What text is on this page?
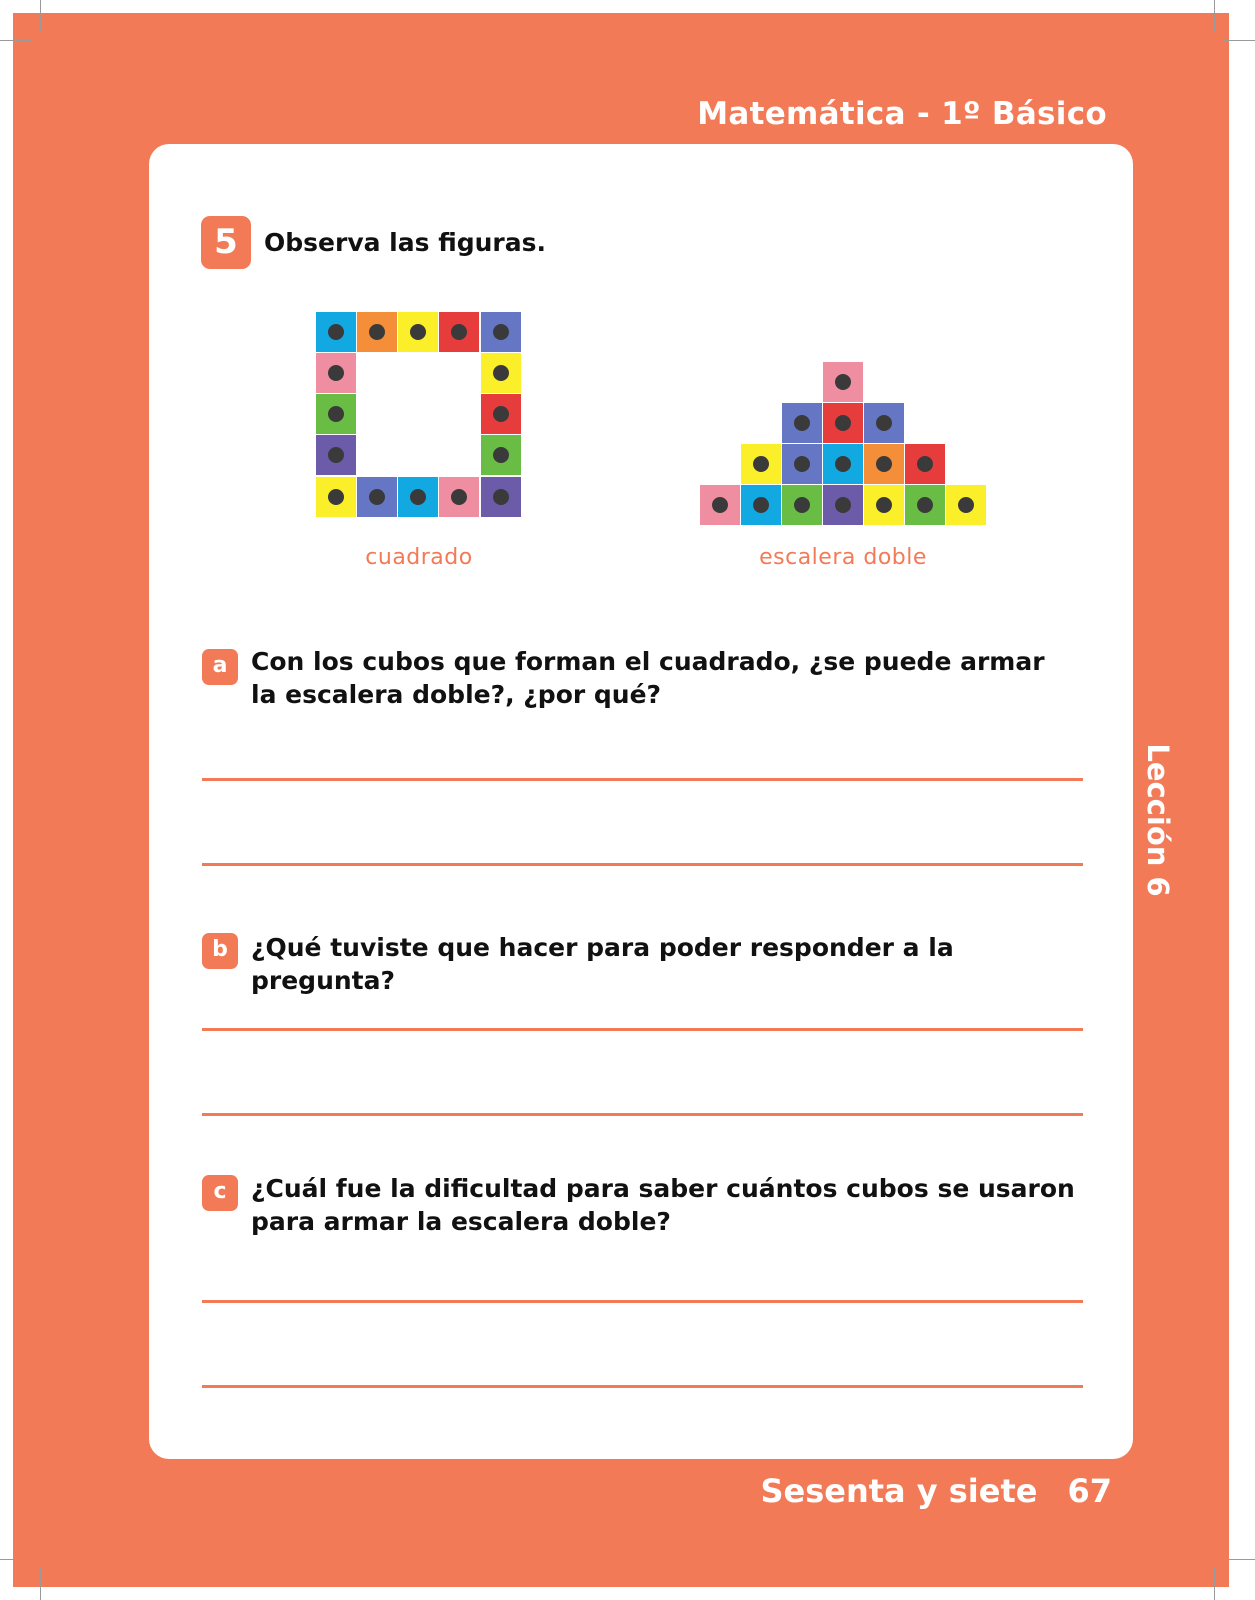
Matemática - 1º Básico
Lección 6
5	Observa las figuras.
cuadrado	escalera doble
a Con los cubos que forman el cuadrado, ¿se puede armar
la escalera doble?, ¿por qué?
b ¿Qué tuviste que hacer para poder responder a la pregunta?
c ¿Cuál fue la dificultad para saber cuántos cubos se usaron
para armar la escalera doble?
Sesenta y siete 67
